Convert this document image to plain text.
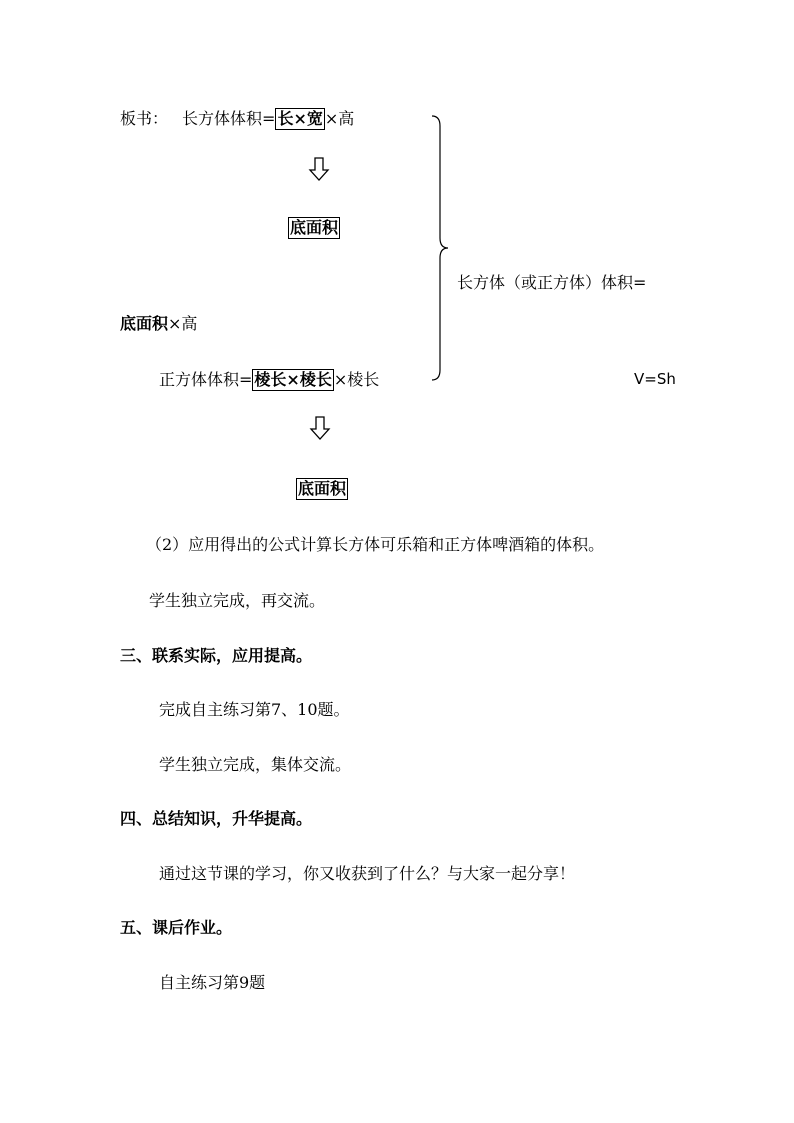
板书： 长方体体积= 长×宽 ×高
底面积
长方体（或正方体）体积=
底面积×高
正方体体积= 棱长×棱长 ×棱长	V=Sh
底面积
（2）应用得出的公式计算长方体可乐箱和正方体啤酒箱的体积。
学生独立完成，再交流。
三、联系实际，应用提高。
完成自主练习第7、10题。
学生独立完成，集体交流。
四、总结知识，升华提高。
通过这节课的学习，你又收获到了什么？与大家一起分享！
五、课后作业。
自主练习第9题
